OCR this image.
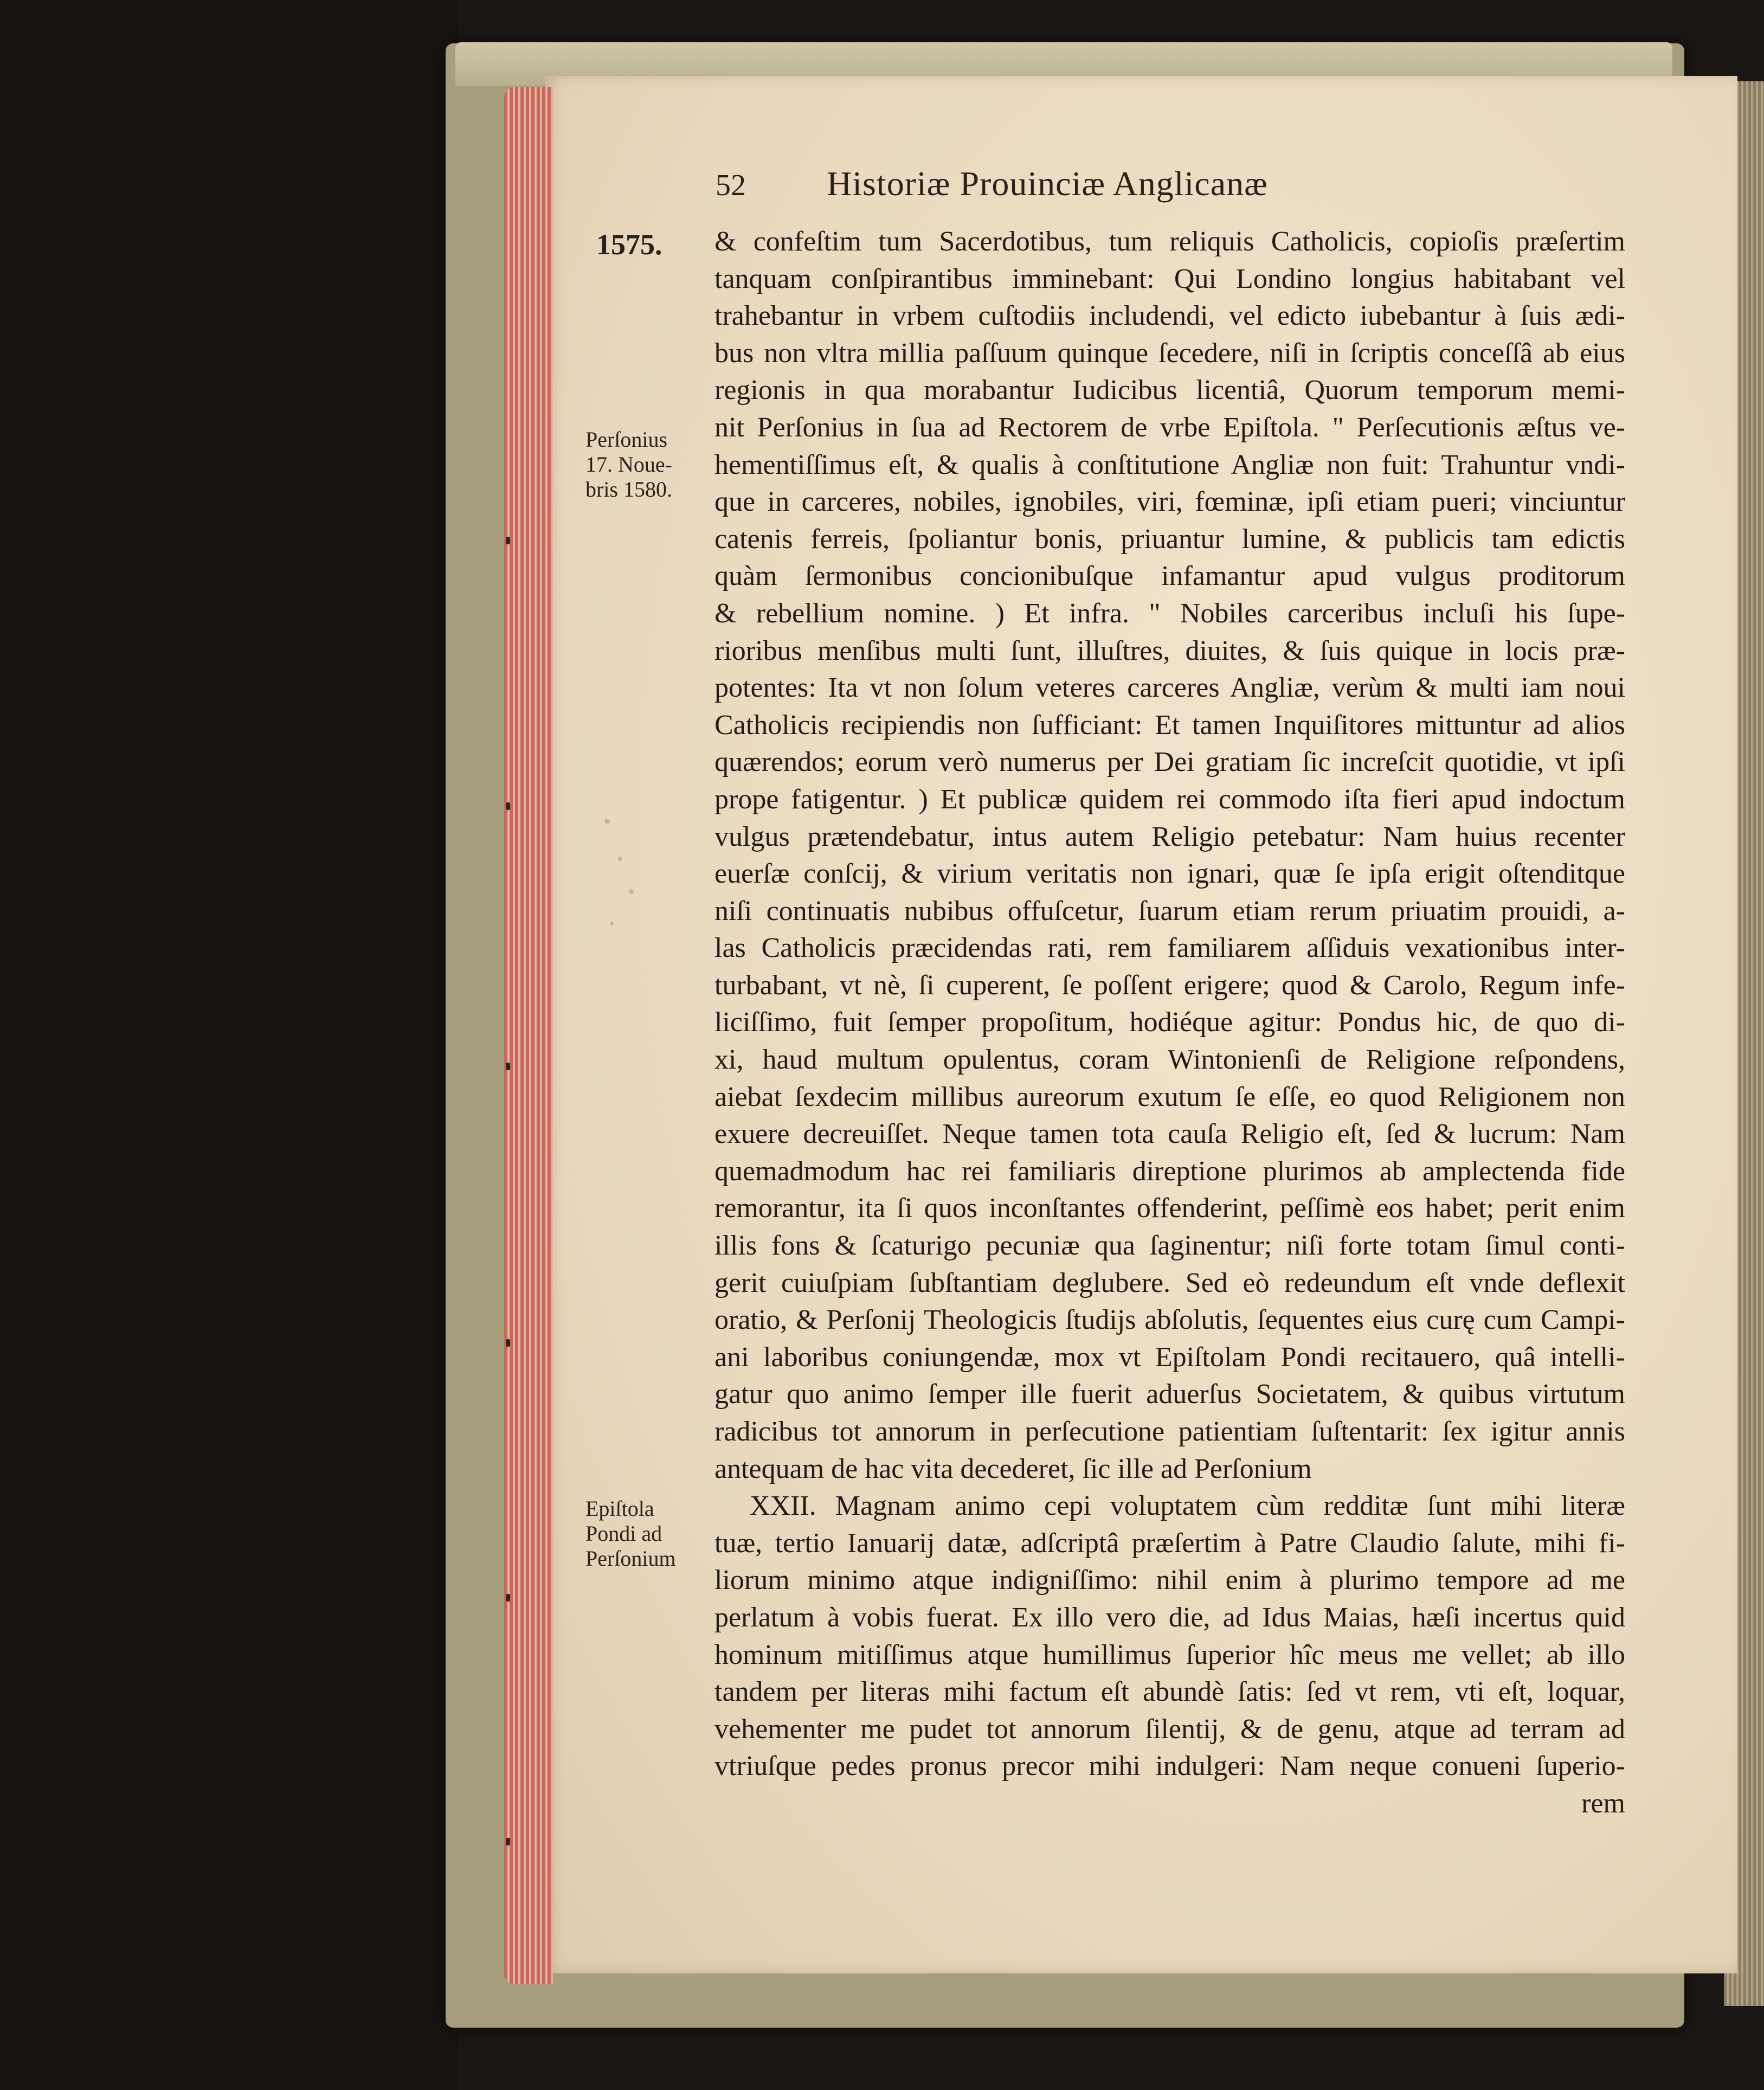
52 Historiæ Prouinciæ Anglicanæ
1575.
Perſonius
17. Noue-
bris 1580.
Epiſtola
Pondi ad
Perſonium
& confeſtim tum Sacerdotibus, tum reliquis Catholicis, copioſis præſertim
tanquam conſpirantibus imminebant: Qui Londino longius habitabant vel
trahebantur in vrbem cuſtodiis includendi, vel edicto iubebantur à ſuis ædi-
bus non vltra millia paſſuum quinque ſecedere, niſi in ſcriptis conceſſâ ab eius
regionis in qua morabantur Iudicibus licentiâ, Quorum temporum memi-
nit Perſonius in ſua ad Rectorem de vrbe Epiſtola. " Perſecutionis æſtus ve-
hementiſſimus eſt, & qualis à conſtitutione Angliæ non fuit: Trahuntur vndi-
que in carceres, nobiles, ignobiles, viri, fœminæ, ipſi etiam pueri; vinciuntur
catenis ferreis, ſpoliantur bonis, priuantur lumine, & publicis tam edictis
quàm ſermonibus concionibuſque infamantur apud vulgus proditorum
& rebellium nomine. ) Et infra. " Nobiles carceribus incluſi his ſupe-
rioribus menſibus multi ſunt, illuſtres, diuites, & ſuis quique in locis præ-
potentes: Ita vt non ſolum veteres carceres Angliæ, verùm & multi iam noui
Catholicis recipiendis non ſufficiant: Et tamen Inquiſitores mittuntur ad alios
quærendos; eorum verò numerus per Dei gratiam ſic increſcit quotidie, vt ipſi
prope fatigentur. ) Et publicæ quidem rei commodo iſta fieri apud indoctum
vulgus prætendebatur, intus autem Religio petebatur: Nam huius recenter
euerſæ conſcij, & virium veritatis non ignari, quæ ſe ipſa erigit oſtenditque
niſi continuatis nubibus offuſcetur, ſuarum etiam rerum priuatim prouidi, a-
las Catholicis præcidendas rati, rem familiarem aſſiduis vexationibus inter-
turbabant, vt nè, ſi cuperent, ſe poſſent erigere; quod & Carolo, Regum infe-
liciſſimo, fuit ſemper propoſitum, hodiéque agitur: Pondus hic, de quo di-
xi, haud multum opulentus, coram Wintonienſi de Religione reſpondens,
aiebat ſexdecim millibus aureorum exutum ſe eſſe, eo quod Religionem non
exuere decreuiſſet. Neque tamen tota cauſa Religio eſt, ſed & lucrum: Nam
quemadmodum hac rei familiaris direptione plurimos ab amplectenda fide
remorantur, ita ſi quos inconſtantes offenderint, peſſimè eos habet; perit enim
illis fons & ſcaturigo pecuniæ qua ſaginentur; niſi forte totam ſimul conti-
gerit cuiuſpiam ſubſtantiam deglubere. Sed eò redeundum eſt vnde deflexit
oratio, & Perſonij Theologicis ſtudijs abſolutis, ſequentes eius curę cum Campi-
ani laboribus coniungendæ, mox vt Epiſtolam Pondi recitauero, quâ intelli-
gatur quo animo ſemper ille fuerit aduerſus Societatem, & quibus virtutum
radicibus tot annorum in perſecutione patientiam ſuſtentarit: ſex igitur annis
antequam de hac vita decederet, ſic ille ad Perſonium
XXII. Magnam animo cepi voluptatem cùm redditæ ſunt mihi literæ
tuæ, tertio Ianuarij datæ, adſcriptâ præſertim à Patre Claudio ſalute, mihi fi-
liorum minimo atque indigniſſimo: nihil enim à plurimo tempore ad me
perlatum à vobis fuerat. Ex illo vero die, ad Idus Maias, hæſi incertus quid
hominum mitiſſimus atque humillimus ſuperior hîc meus me vellet; ab illo
tandem per literas mihi factum eſt abundè ſatis: ſed vt rem, vti eſt, loquar,
vehementer me pudet tot annorum ſilentij, & de genu, atque ad terram ad
vtriuſque pedes pronus precor mihi indulgeri: Nam neque conueni ſuperio-
rem
